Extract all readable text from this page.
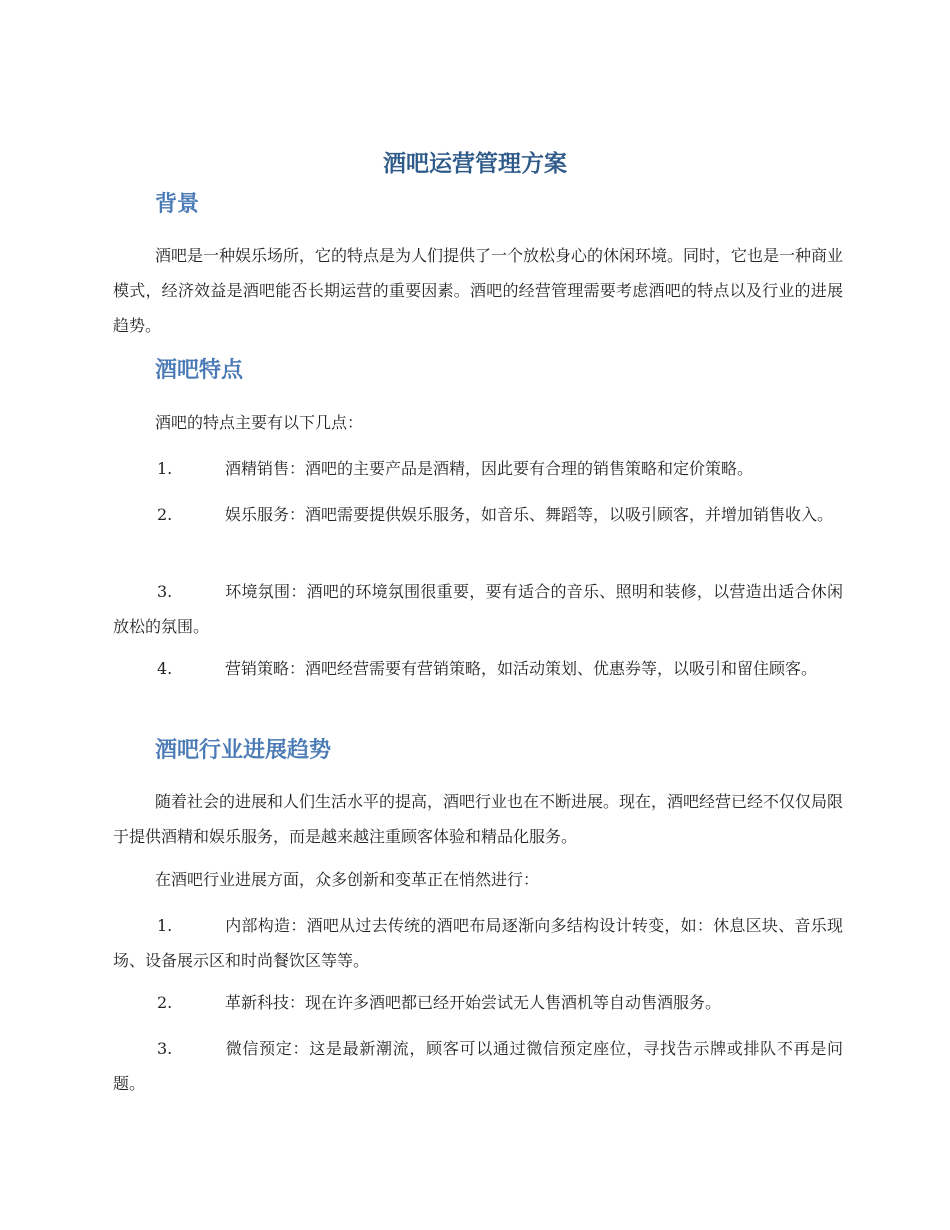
酒吧运营管理方案
背景

酒吧是一种娱乐场所，它的特点是为人们提供了一个放松身心的休闲环境。同时，它也是一种商业模式，经济效益是酒吧能否长期运营的重要因素。酒吧的经营管理需要考虑酒吧的特点以及行业的进展趋势。

酒吧特点

酒吧的特点主要有以下几点：

1.	酒精销售：酒吧的主要产品是酒精，因此要有合理的销售策略和定价策略。

2.	娱乐服务：酒吧需要提供娱乐服务，如音乐、舞蹈等，以吸引顾客，并增加销售收入。

3.	环境氛围：酒吧的环境氛围很重要，要有适合的音乐、照明和装修，以营造出适合休闲放松的氛围。

4.	营销策略：酒吧经营需要有营销策略，如活动策划、优惠券等，以吸引和留住顾客。

酒吧行业进展趋势

随着社会的进展和人们生活水平的提高，酒吧行业也在不断进展。现在，酒吧经营已经不仅仅局限于提供酒精和娱乐服务，而是越来越注重顾客体验和精品化服务。

在酒吧行业进展方面，众多创新和变革正在悄然进行：

1.	内部构造：酒吧从过去传统的酒吧布局逐渐向多结构设计转变，如：休息区块、音乐现场、设备展示区和时尚餐饮区等等。

2.	革新科技：现在许多酒吧都已经开始尝试无人售酒机等自动售酒服务。

3.	微信预定：这是最新潮流，顾客可以通过微信预定座位，寻找告示牌或排队不再是问题。
